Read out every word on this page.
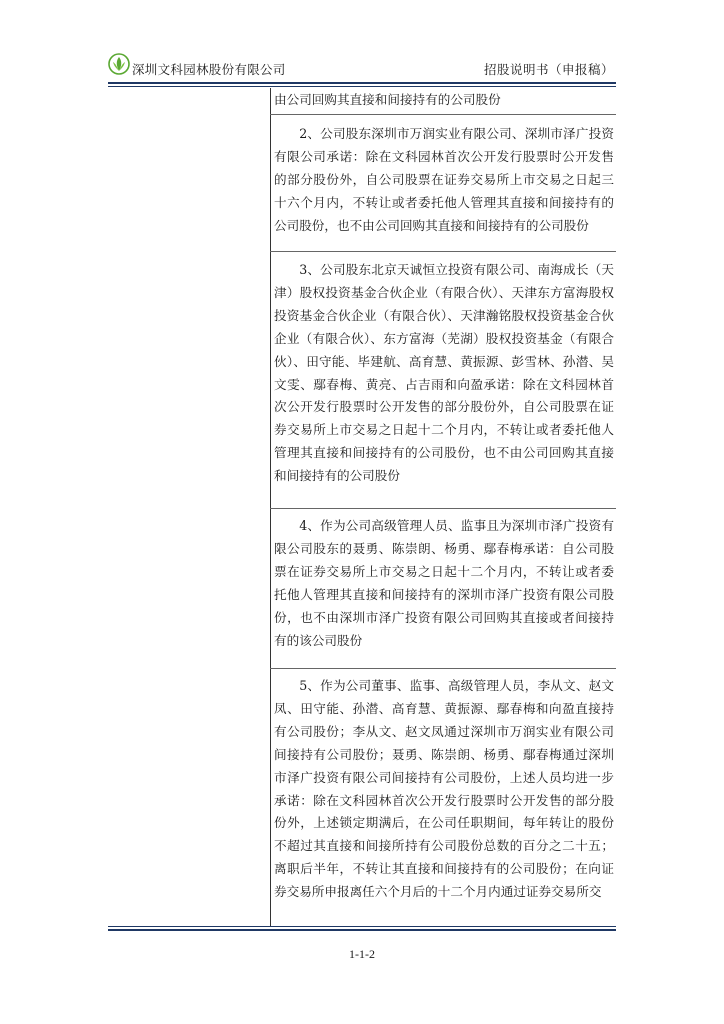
深圳文科园林股份有限公司	招股说明书（申报稿）

由公司回购其直接和间接持有的公司股份

2、公司股东深圳市万润实业有限公司、深圳市泽广投资有限公司承诺：除在文科园林首次公开发行股票时公开发售的部分股份外，自公司股票在证券交易所上市交易之日起三十六个月内，不转让或者委托他人管理其直接和间接持有的公司股份，也不由公司回购其直接和间接持有的公司股份

3、公司股东北京天诚恒立投资有限公司、南海成长（天津）股权投资基金合伙企业（有限合伙）、天津东方富海股权投资基金合伙企业（有限合伙）、天津瀚铭股权投资基金合伙企业（有限合伙）、东方富海（芜湖）股权投资基金（有限合伙）、田守能、毕建航、高育慧、黄振源、彭雪林、孙潜、吴文雯、鄢春梅、黄亮、占吉雨和向盈承诺：除在文科园林首次公开发行股票时公开发售的部分股份外，自公司股票在证券交易所上市交易之日起十二个月内，不转让或者委托他人管理其直接和间接持有的公司股份，也不由公司回购其直接和间接持有的公司股份

4、作为公司高级管理人员、监事且为深圳市泽广投资有限公司股东的聂勇、陈崇朗、杨勇、鄢春梅承诺：自公司股票在证券交易所上市交易之日起十二个月内，不转让或者委托他人管理其直接和间接持有的深圳市泽广投资有限公司股份，也不由深圳市泽广投资有限公司回购其直接或者间接持有的该公司股份

5、作为公司董事、监事、高级管理人员，李从文、赵文凤、田守能、孙潜、高育慧、黄振源、鄢春梅和向盈直接持有公司股份；李从文、赵文凤通过深圳市万润实业有限公司间接持有公司股份；聂勇、陈崇朗、杨勇、鄢春梅通过深圳市泽广投资有限公司间接持有公司股份，上述人员均进一步承诺：除在文科园林首次公开发行股票时公开发售的部分股份外，上述锁定期满后，在公司任职期间，每年转让的股份不超过其直接和间接所持有公司股份总数的百分之二十五；离职后半年，不转让其直接和间接持有的公司股份；在向证券交易所申报离任六个月后的十二个月内通过证券交易所交

1-1-2
